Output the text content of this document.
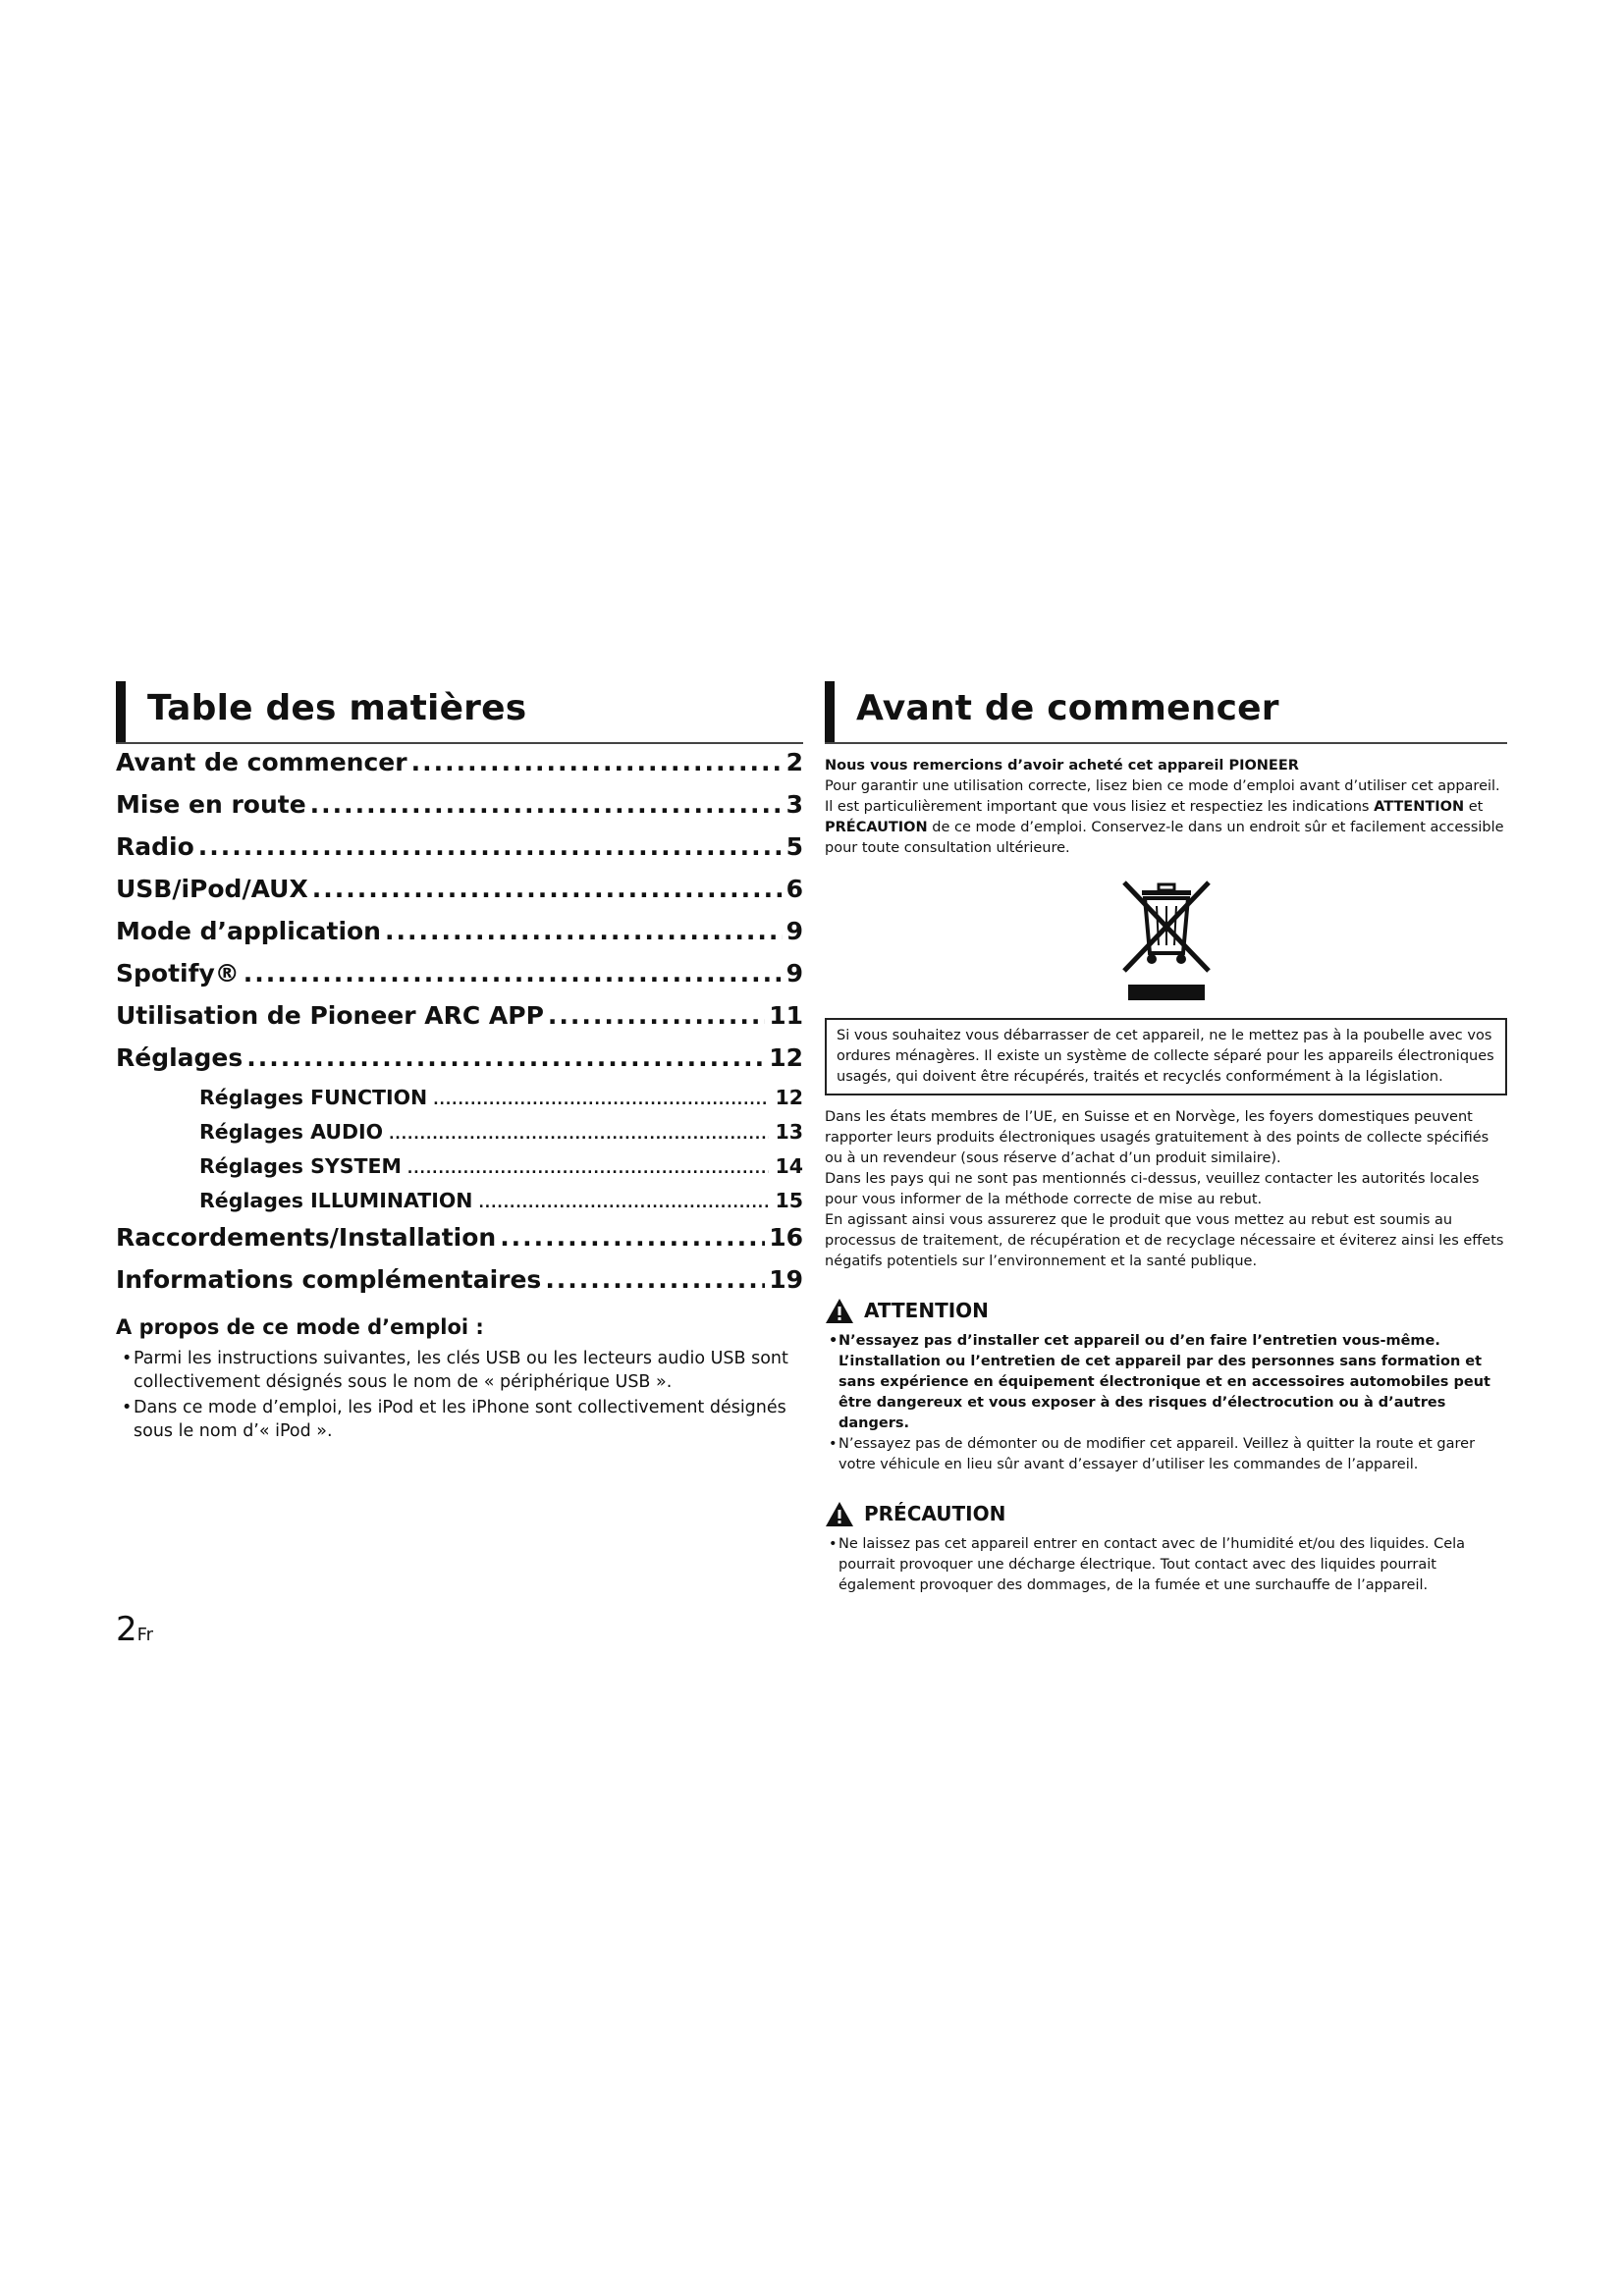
Table des matières
Avant de commencer .....	2
Mise en route .....	3
Radio .....	5
USB/iPod/AUX .....	6
Mode d’application .....	9
Spotify® .....	9
Utilisation de Pioneer ARC APP .....	11
Réglages .....	12
Réglages FUNCTION .....	12
Réglages AUDIO .....	13
Réglages SYSTEM .....	14
Réglages ILLUMINATION .....	15
Raccordements/Installation .....	16
Informations complémentaires .....	19
A propos de ce mode d’emploi :
• Parmi les instructions suivantes, les clés USB ou les lecteurs audio USB sont collectivement désignés sous le nom de « périphérique USB ».
• Dans ce mode d’emploi, les iPod et les iPhone sont collectivement désignés sous le nom d’« iPod ».
Avant de commencer
Nous vous remercions d’avoir acheté cet appareil PIONEER
Pour garantir une utilisation correcte, lisez bien ce mode d’emploi avant d’utiliser cet appareil. Il est particulièrement important que vous lisiez et respectiez les indications ATTENTION et PRÉCAUTION de ce mode d’emploi. Conservez-le dans un endroit sûr et facilement accessible pour toute consultation ultérieure.
Si vous souhaitez vous débarrasser de cet appareil, ne le mettez pas à la poubelle avec vos ordures ménagères. Il existe un système de collecte séparé pour les appareils électroniques usagés, qui doivent être récupérés, traités et recyclés conformément à la législation.
Dans les états membres de l’UE, en Suisse et en Norvège, les foyers domestiques peuvent rapporter leurs produits électroniques usagés gratuitement à des points de collecte spécifiés ou à un revendeur (sous réserve d’achat d’un produit similaire).
Dans les pays qui ne sont pas mentionnés ci-dessus, veuillez contacter les autorités locales pour vous informer de la méthode correcte de mise au rebut.
En agissant ainsi vous assurerez que le produit que vous mettez au rebut est soumis au processus de traitement, de récupération et de recyclage nécessaire et éviterez ainsi les effets négatifs potentiels sur l’environnement et la santé publique.
ATTENTION
• N’essayez pas d’installer cet appareil ou d’en faire l’entretien vous-même. L’installation ou l’entretien de cet appareil par des personnes sans formation et sans expérience en équipement électronique et en accessoires automobiles peut être dangereux et vous exposer à des risques d’électrocution ou à d’autres dangers.
• N’essayez pas de démonter ou de modifier cet appareil. Veillez à quitter la route et garer votre véhicule en lieu sûr avant d’essayer d’utiliser les commandes de l’appareil.
PRÉCAUTION
• Ne laissez pas cet appareil entrer en contact avec de l’humidité et/ou des liquides. Cela pourrait provoquer une décharge électrique. Tout contact avec des liquides pourrait également provoquer des dommages, de la fumée et une surchauffe de l’appareil.
2Fr
